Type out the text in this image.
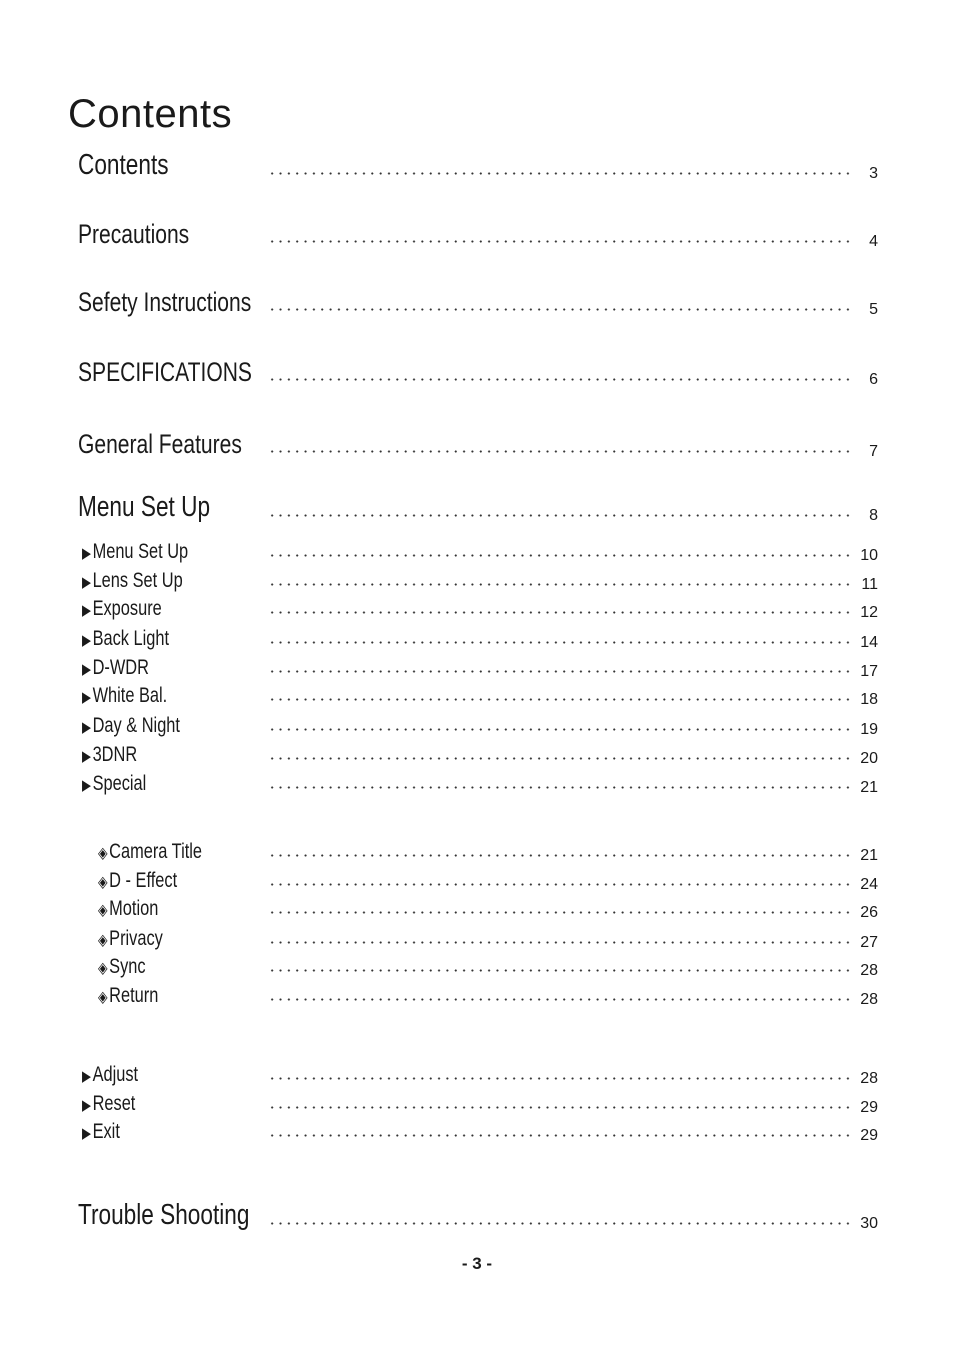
Contents
Contents	3
Precautions	4
Sefety Instructions	5
SPECIFICATIONS	6
General Features	7
Menu Set Up	8
▶Menu Set Up	10
▶Lens Set Up	11
▶Exposure	12
▶Back Light	14
▶D-WDR	17
▶White Bal.	18
▶Day & Night	19
▶3DNR	20
▶Special	21
◈Camera Title	21
◈D - Effect	24
◈Motion	26
◈Privacy	27
◈Sync	28
◈Return	28
▶Adjust	28
▶Reset	29
▶Exit	29
Trouble Shooting	30
- 3 -
